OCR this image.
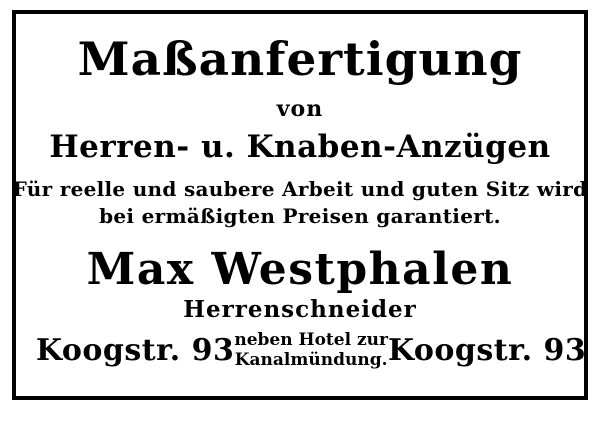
Maßanfertigung
von
Herren- u. Knaben-Anzügen
Für reelle und saubere Arbeit und guten Sitz wird
bei ermäßigten Preisen garantiert.
Max Westphalen
Herrenschneider
Koogstr. 93 neben Hotel zur
Kanalmündung. Koogstr. 93
